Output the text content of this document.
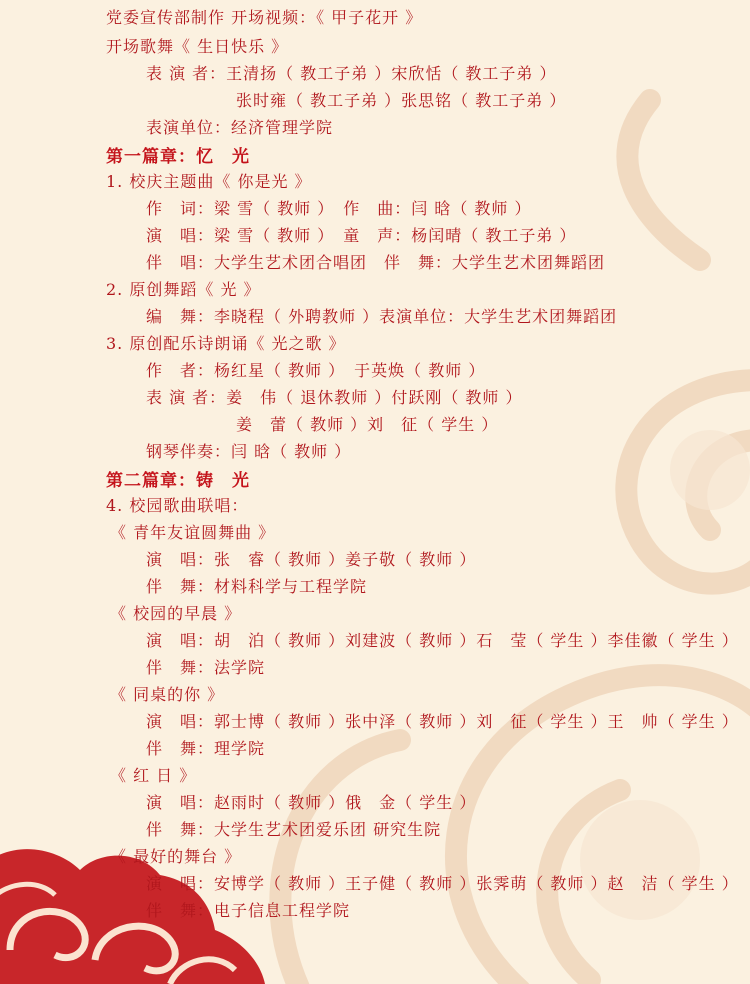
党委宣传部制作 开场视频：《 甲子花开 》
开场歌舞《 生日快乐 》
表 演 者：王清扬（ 教工子弟 ）宋欣恬（ 教工子弟 ）
张时雍（ 教工子弟 ）张思铭（ 教工子弟 ）
表演单位：经济管理学院
第一篇章：忆　光
1. 校庆主题曲《 你是光 》
作　词：梁 雪（ 教师 ）　作　曲：闫 晗（ 教师 ）
演　唱：梁 雪（ 教师 ）　童　声：杨闰晴（ 教工子弟 ）
伴　唱：大学生艺术团合唱团　伴　舞：大学生艺术团舞蹈团
2. 原创舞蹈《 光 》
编　舞：李晓程（ 外聘教师 ）表演单位：大学生艺术团舞蹈团
3. 原创配乐诗朗诵《 光之歌 》
作　者：杨红星（ 教师 ）　于英焕（ 教师 ）
表 演 者：姜　伟（ 退休教师 ）付跃刚（ 教师 ）
姜　蕾（ 教师 ）刘　征（ 学生 ）
钢琴伴奏：闫 晗（ 教师 ）
第二篇章：铸　光
4. 校园歌曲联唱：
《 青年友谊圆舞曲 》
演　唱：张　睿（ 教师 ）姜子敬（ 教师 ）
伴　舞：材料科学与工程学院
《 校园的早晨 》
演　唱：胡　泊（ 教师 ）刘建波（ 教师 ）石　莹（ 学生 ）李佳徽（ 学生 ）
伴　舞：法学院
《 同桌的你 》
演　唱：郭士博（ 教师 ）张中泽（ 教师 ）刘　征（ 学生 ）王　帅（ 学生 ）
伴　舞：理学院
《 红 日 》
演　唱：赵雨时（ 教师 ）俄　金（ 学生 ）
伴　舞：大学生艺术团爱乐团 研究生院
《 最好的舞台 》
演　唱：安博学（ 教师 ）王子健（ 教师 ）张霁萌（ 教师 ）赵　洁（ 学生 ）
伴　舞：电子信息工程学院
